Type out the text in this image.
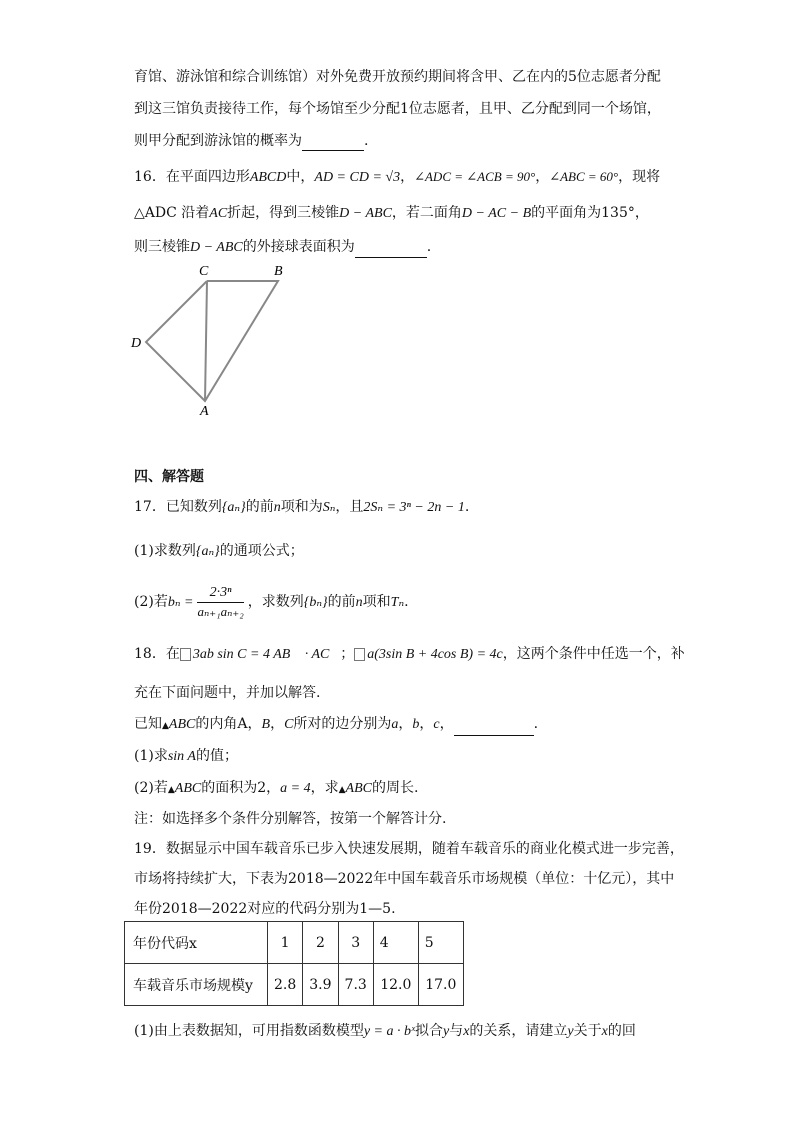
育馆、游泳馆和综合训练馆）对外免费开放预约期间将含甲、乙在内的5位志愿者分配
到这三馆负责接待工作，每个场馆至少分配1位志愿者，且甲、乙分配到同一个场馆，
则甲分配到游泳馆的概率为	.
16．在平面四边形ABCD中，AD = CD = √3，∠ADC = ∠ACB = 90°，∠ABC = 60°，现将
△ADC 沿着AC折起，得到三棱锥D − ABC，若二面角D − AC − B的平面角为135°，
则三棱锥D − ABC的外接球表面积为	.
C	B
D
A
四、解答题
17．已知数列{aₙ}的前n项和为Sₙ，且2Sₙ = 3ⁿ − 2n − 1.
(1)求数列{aₙ}的通项公式；
(2)若$b_n = \frac{\text{2·3ⁿ}}{\text{aₙ₊₁aₙ₊₂}}$ ，求数列{bₙ}的前n项和Tₙ.
18．在 3ab sin C = 4 AB⃗ · AC⃗； a(3sin B + 4cos B) = 4c，这两个条件中任选一个，补
充在下面问题中，并加以解答.
已知▲ABC的内角A，B，C所对的边分别为a，b，c，	.
(1)求sin A的值；
(2)若▲ABC的面积为2，a = 4，求▲ABC的周长.
注：如选择多个条件分别解答，按第一个解答计分.
19．数据显示中国车载音乐已步入快速发展期，随着车载音乐的商业化模式进一步完善，
市场将持续扩大，下表为2018—2022年中国车载音乐市场规模（单位：十亿元），其中
年份2018—2022对应的代码分别为1—5.
年份代码x	1	2	3	4	5
车载音乐市场规模y	2.8	3.9	7.3	12.0	17.0
(1)由上表数据知，可用指数函数模型y = a · bˣ拟合y与x的关系，请建立y关于x的回
